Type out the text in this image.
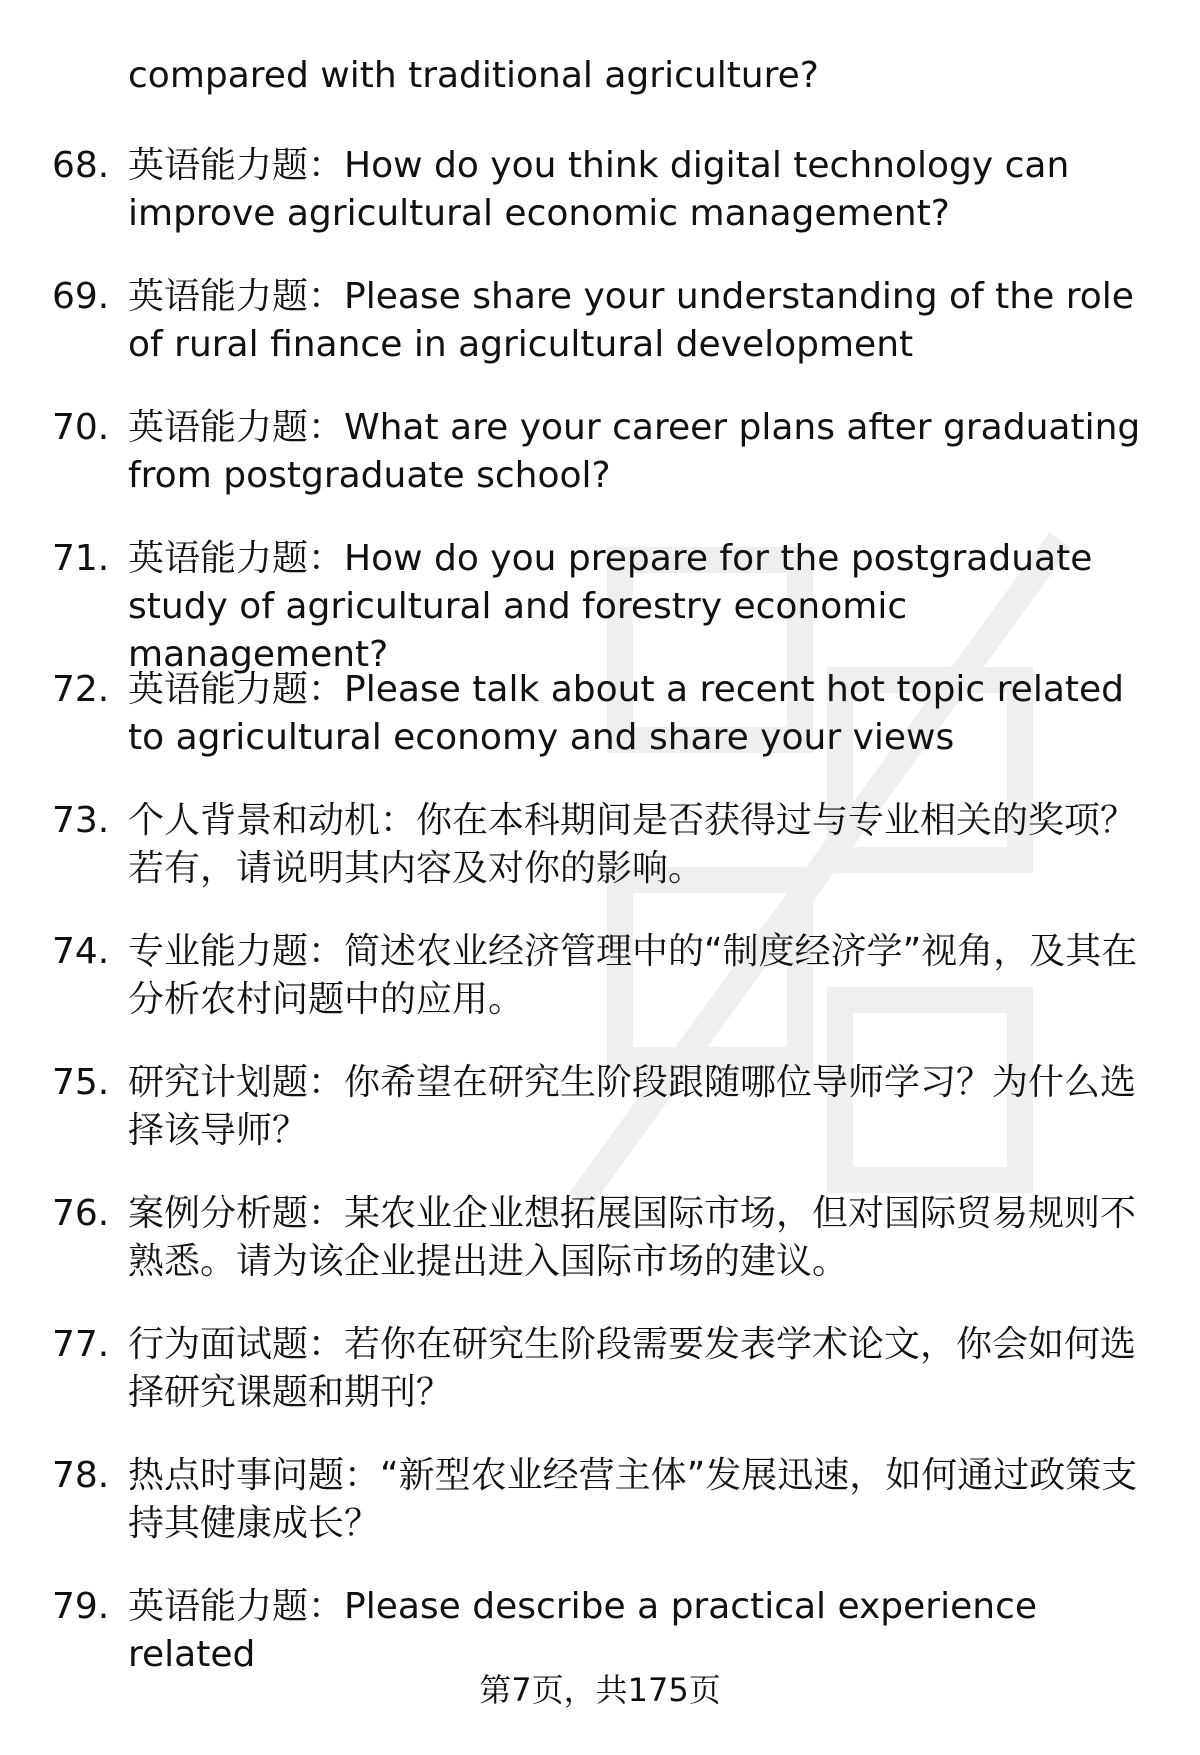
compared with traditional agriculture?
68. 英语能力题：How do you think digital technology can improve agricultural economic management?
69. 英语能力题：Please share your understanding of the role of rural finance in agricultural development
70. 英语能力题：What are your career plans after graduating from postgraduate school?
71. 英语能力题：How do you prepare for the postgraduate study of agricultural and forestry economic management?
72. 英语能力题：Please talk about a recent hot topic related to agricultural economy and share your views
73. 个人背景和动机：你在本科期间是否获得过与专业相关的奖项？若有，请说明其内容及对你的影响。
74. 专业能力题：简述农业经济管理中的“制度经济学”视角，及其在分析农村问题中的应用。
75. 研究计划题：你希望在研究生阶段跟随哪位导师学习？为什么选择该导师？
76. 案例分析题：某农业企业想拓展国际市场，但对国际贸易规则不熟悉。请为该企业提出进入国际市场的建议。
77. 行为面试题：若你在研究生阶段需要发表学术论文，你会如何选择研究课题和期刊？
78. 热点时事问题：“新型农业经营主体”发展迅速，如何通过政策支持其健康成长？
79. 英语能力题：Please describe a practical experience related
第7页，共175页
